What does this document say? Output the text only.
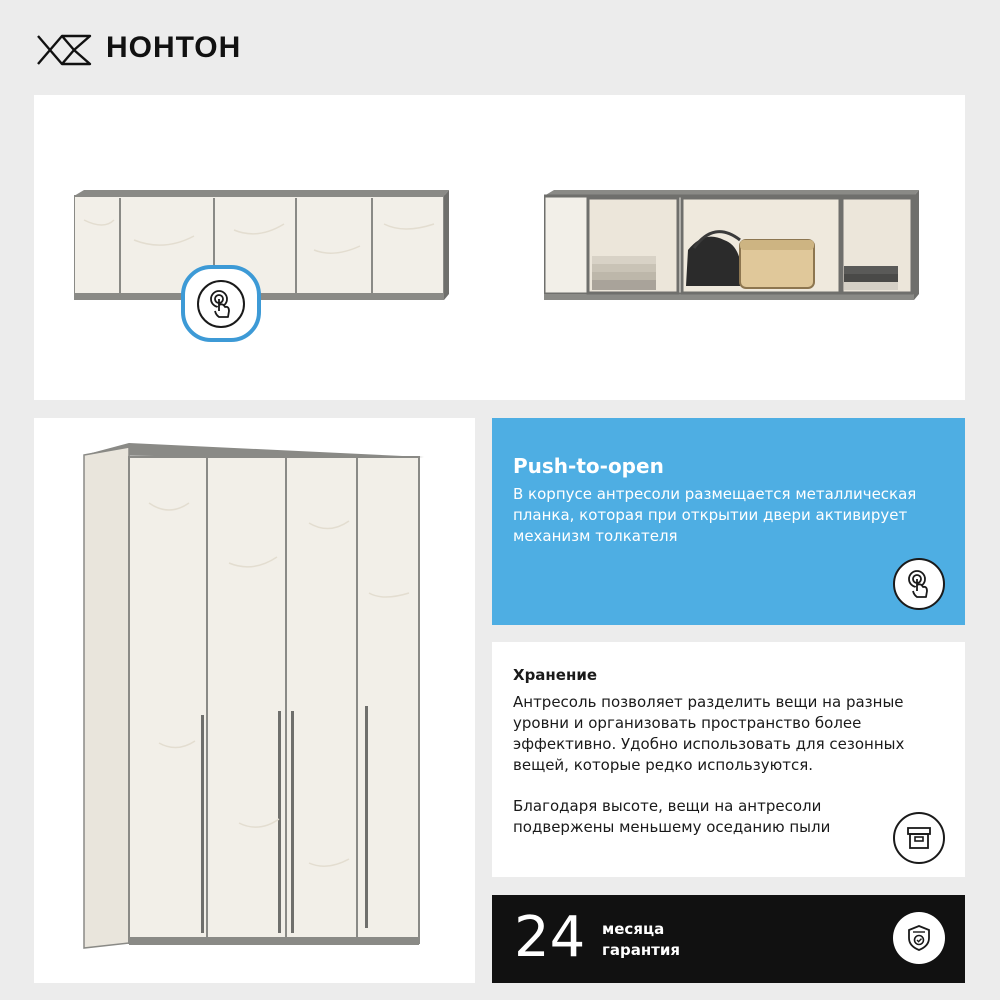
НОНТОН
Push-to-open
В корпусе антресоли размещается металлическая планка, которая при открытии двери активирует механизм толкателя
Хранение
Антресоль позволяет разделить вещи на разные уровни и организовать пространство более эффективно. Удобно использовать для сезонных вещей, которые редко используются.
Благодаря высоте, вещи на антресоли подвержены меньшему оседанию пыли
24 месяца
гарантия
